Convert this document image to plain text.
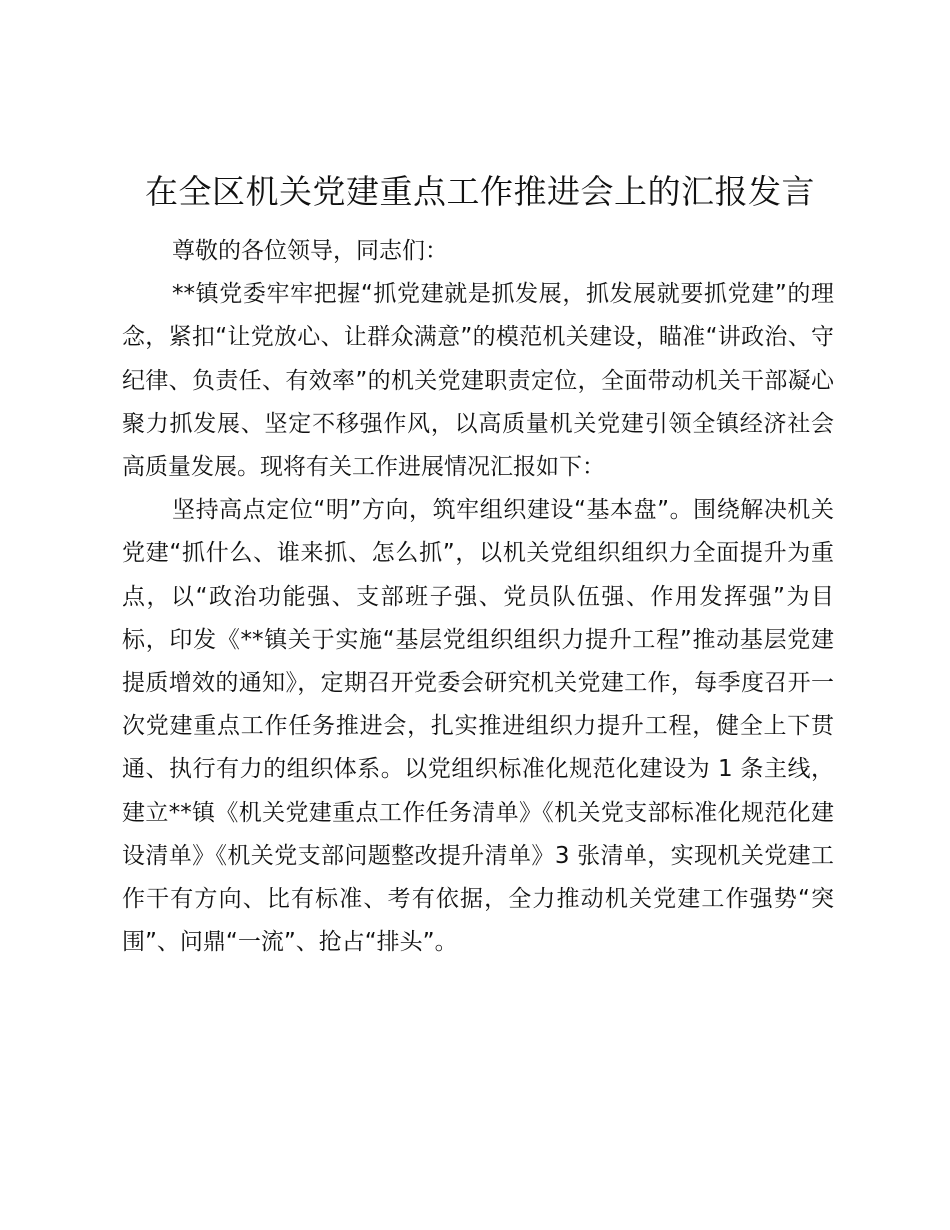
在全区机关党建重点工作推进会上的汇报发言

尊敬的各位领导，同志们：

**镇党委牢牢把握“抓党建就是抓发展，抓发展就要抓党建”的理念，紧扣“让党放心、让群众满意”的模范机关建设，瞄准“讲政治、守纪律、负责任、有效率”的机关党建职责定位，全面带动机关干部凝心聚力抓发展、坚定不移强作风，以高质量机关党建引领全镇经济社会高质量发展。现将有关工作进展情况汇报如下：

坚持高点定位“明”方向，筑牢组织建设“基本盘”。围绕解决机关党建“抓什么、谁来抓、怎么抓”，以机关党组织组织力全面提升为重点，以“政治功能强、支部班子强、党员队伍强、作用发挥强”为目标，印发《**镇关于实施“基层党组织组织力提升工程”推动基层党建提质增效的通知》，定期召开党委会研究机关党建工作，每季度召开一次党建重点工作任务推进会，扎实推进组织力提升工程，健全上下贯通、执行有力的组织体系。以党组织标准化规范化建设为 1 条主线，建立**镇《机关党建重点工作任务清单》《机关党支部标准化规范化建设清单》《机关党支部问题整改提升清单》3 张清单，实现机关党建工作干有方向、比有标准、考有依据，全力推动机关党建工作强势“突围”、问鼎“一流”、抢占“排头”。
